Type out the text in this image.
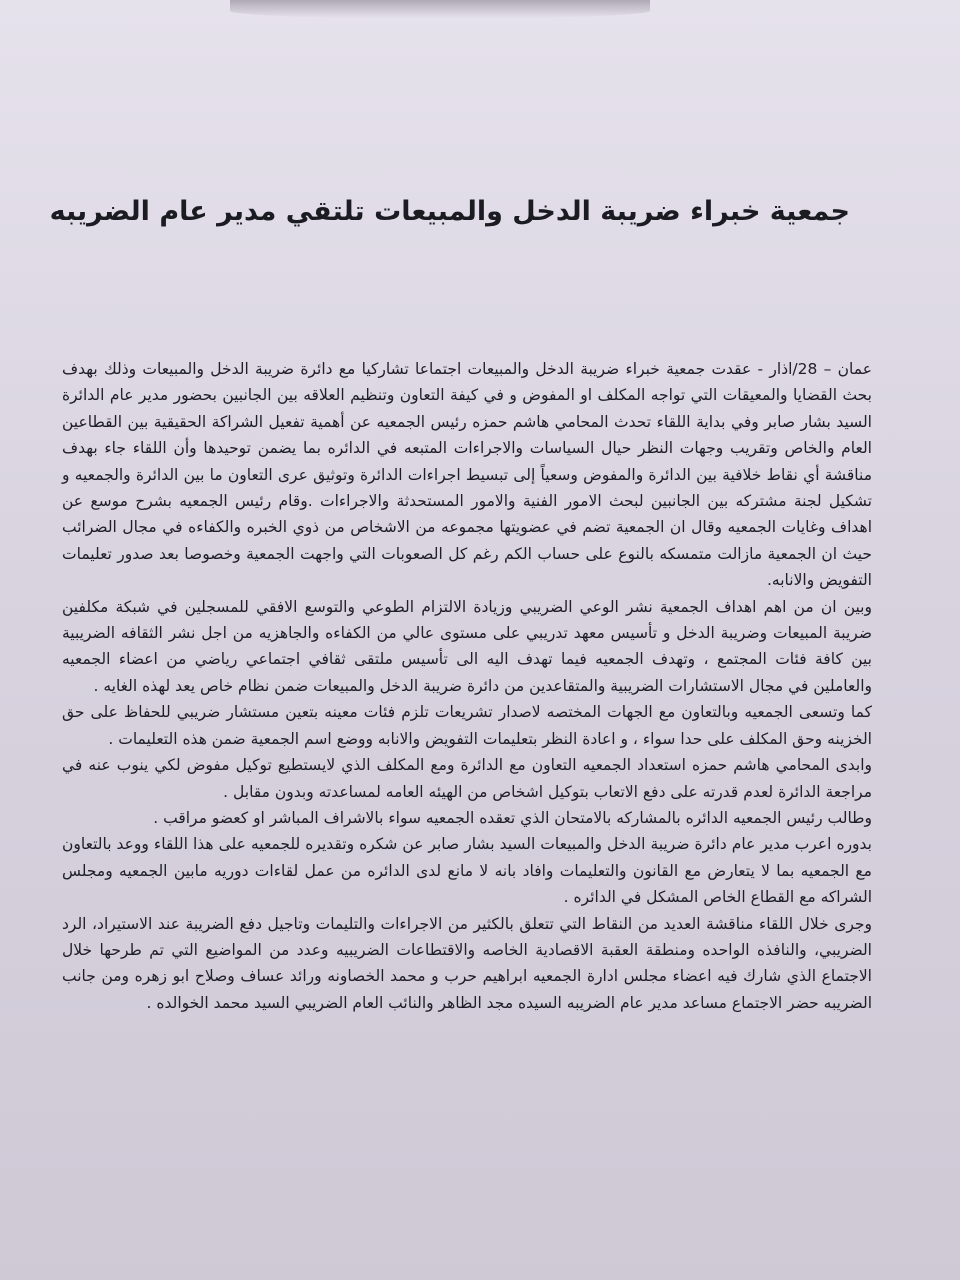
جمعية خبراء ضريبة الدخل والمبيعات تلتقي مدير عام الضريبه

عمان – 28/اذار - عقدت جمعية خبراء ضريبة الدخل والمبيعات اجتماعا تشاركيا مع دائرة ضريبة الدخل والمبيعات وذلك بهدف بحث القضايا والمعيقات التي تواجه المكلف او المفوض و في كيفة التعاون وتنظيم العلاقه بين الجانبين بحضور مدير عام الدائرة السيد بشار صابر وفي بداية اللقاء تحدث المحامي هاشم حمزه رئيس الجمعيه عن أهمية تفعيل الشراكة الحقيقية بين القطاعين العام والخاص وتقريب وجهات النظر حيال السياسات والاجراءات المتبعه في الدائره بما يضمن توحيدها وأن اللقاء جاء بهدف مناقشة أي نقاط خلافية بين الدائرة والمفوض وسعياً إلى تبسيط اجراءات الدائرة وتوثيق عرى التعاون ما بين الدائرة والجمعيه و تشكيل لجنة مشتركه بين الجانبين لبحث الامور الفنية والامور المستحدثة والاجراءات .وقام رئيس الجمعيه بشرح موسع عن اهداف وغايات الجمعيه وقال ان الجمعية تضم في عضويتها مجموعه من الاشخاص من ذوي الخبره والكفاءه في مجال الضرائب حيث ان الجمعية مازالت متمسكه بالنوع على حساب الكم رغم كل الصعوبات التي واجهت الجمعية وخصوصا بعد صدور تعليمات التفويض والانابه.

وبين ان من اهم اهداف الجمعية نشر الوعي الضريبي وزيادة الالتزام الطوعي والتوسع الافقي للمسجلين في شبكة مكلفين ضريبة المبيعات وضريبة الدخل و تأسيس معهد تدريبي على مستوى عالي من الكفاءه والجاهزيه من اجل نشر الثقافه الضريبية بين كافة فئات المجتمع ، وتهدف الجمعيه فيما تهدف اليه الى تأسيس ملتقى ثقافي اجتماعي رياضي من اعضاء الجمعيه والعاملين في مجال الاستشارات الضريبية والمتقاعدين من دائرة ضريبة الدخل والمبيعات ضمن نظام خاص يعد لهذه الغايه .

كما وتسعى الجمعيه وبالتعاون مع الجهات المختصه لاصدار تشريعات تلزم فئات معينه بتعين مستشار ضريبي للحفاظ على حق الخزينه وحق المكلف على حدا سواء ، و اعادة النظر بتعليمات التفويض والانابه ووضع اسم الجمعية ضمن هذه التعليمات .

وابدى المحامي هاشم حمزه استعداد الجمعيه التعاون مع الدائرة ومع المكلف الذي لايستطيع توكيل مفوض لكي ينوب عنه في مراجعة الدائرة لعدم قدرته على دفع الاتعاب بتوكيل اشخاص من الهيئه العامه لمساعدته وبدون مقابل .

وطالب رئيس الجمعيه الدائره بالمشاركه بالامتحان الذي تعقده الجمعيه سواء بالاشراف المباشر او كعضو مراقب .

بدوره اعرب مدير عام دائرة ضريبة الدخل والمبيعات السيد بشار صابر عن شكره وتقديره للجمعيه على هذا اللقاء ووعد بالتعاون مع الجمعيه بما لا يتعارض مع القانون والتعليمات وافاد بانه لا مانع لدى الدائره من عمل لقاءات دوريه مابين الجمعيه ومجلس الشراكه مع القطاع الخاص المشكل في الدائره .

وجرى خلال اللقاء مناقشة العديد من النقاط التي تتعلق بالكثير من الاجراءات والتليمات وتاجيل دفع الضريبة عند الاستيراد، الرد الضريبي، والنافذه الواحده ومنطقة العقبة الاقصادية الخاصه والاقتطاعات الضريبيه وعدد من المواضيع التي تم طرحها خلال الاجتماع الذي شارك فيه اعضاء مجلس ادارة الجمعيه ابراهيم حرب و محمد الخصاونه ورائد عساف وصلاح ابو زهره ومن جانب الضريبه حضر الاجتماع مساعد مدير عام الضريبه السيده مجد الظاهر والنائب العام الضريبي السيد محمد الخوالده .
